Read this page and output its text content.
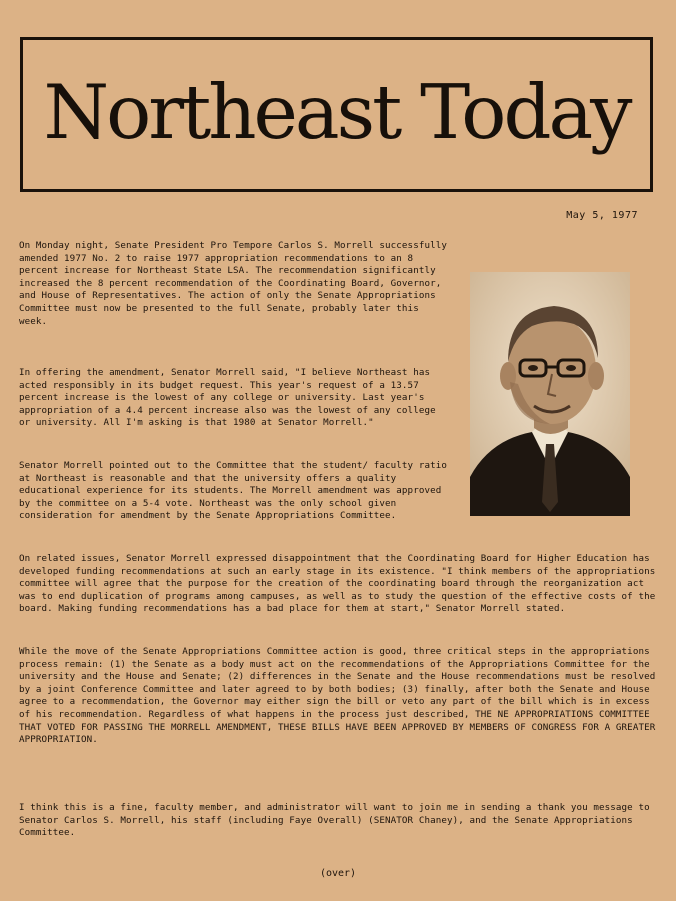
Northeast Today
May 5, 1977

On Monday night, Senate President Pro Tempore Carlos S. Morrell successfully amended 1977 No. 2 to raise 1977 appropriation recommendations to an 8 percent increase for Northeast State LSA. The recommendation significantly increased the 8 percent recommendation of the Coordinating Board, Governor, and House of Representatives. The action of only the Senate Appropriations Committee must now be presented to the full Senate, probably later this week.

In offering the amendment, Senator Morrell said, "I believe Northeast has acted responsibly in its budget request. This year's request of a 13.57 percent increase is the lowest of any college or university. Last year's appropriation of a 4.4 percent increase also was the lowest of any college or university. All I'm asking is that 1980 at Senator Morrell."

Senator Morrell pointed out to the Committee that the student/ faculty ratio at Northeast is reasonable and that the university offers a quality educational experience for its students. The Morrell amendment was approved by the committee on a 5-4 vote. Northeast was the only school given consideration for amendment by the Senate Appropriations Committee.

On related issues, Senator Morrell expressed disappointment that the Coordinating Board for Higher Education has developed funding recommendations at such an early stage in its existence. "I think members of the appropriations committee will agree that the purpose for the creation of the coordinating board through the reorganization act was to end duplication of programs among campuses, as well as to study the question of the effective costs of the board. Making funding recommendations has a bad place for them at start," Senator Morrell stated.

While the move of the Senate Appropriations Committee action is good, three critical steps in the appropriations process remain: (1) the Senate as a body must act on the recommendations of the Appropriations Committee for the university and the House and Senate; (2) differences in the Senate and the House recommendations must be resolved by a joint Conference Committee and later agreed to by both bodies; (3) finally, after both the Senate and House agree to a recommendation, the Governor may either sign the bill or veto any part of the bill which is in excess of his recommendation. Regardless of what happens in the process just described, THE NE APPROPRIATIONS COMMITTEE THAT VOTED FOR PASSING THE MORRELL AMENDMENT, THESE BILLS HAVE BEEN APPROVED BY MEMBERS OF CONGRESS FOR A GREATER APPROPRIATION.

I think this is a fine, faculty member, and administrator will want to join me in sending a thank you message to Senator Carlos S. Morrell, his staff (including Faye Overall) (SENATOR Chaney), and the Senate Appropriations Committee.

(over)
